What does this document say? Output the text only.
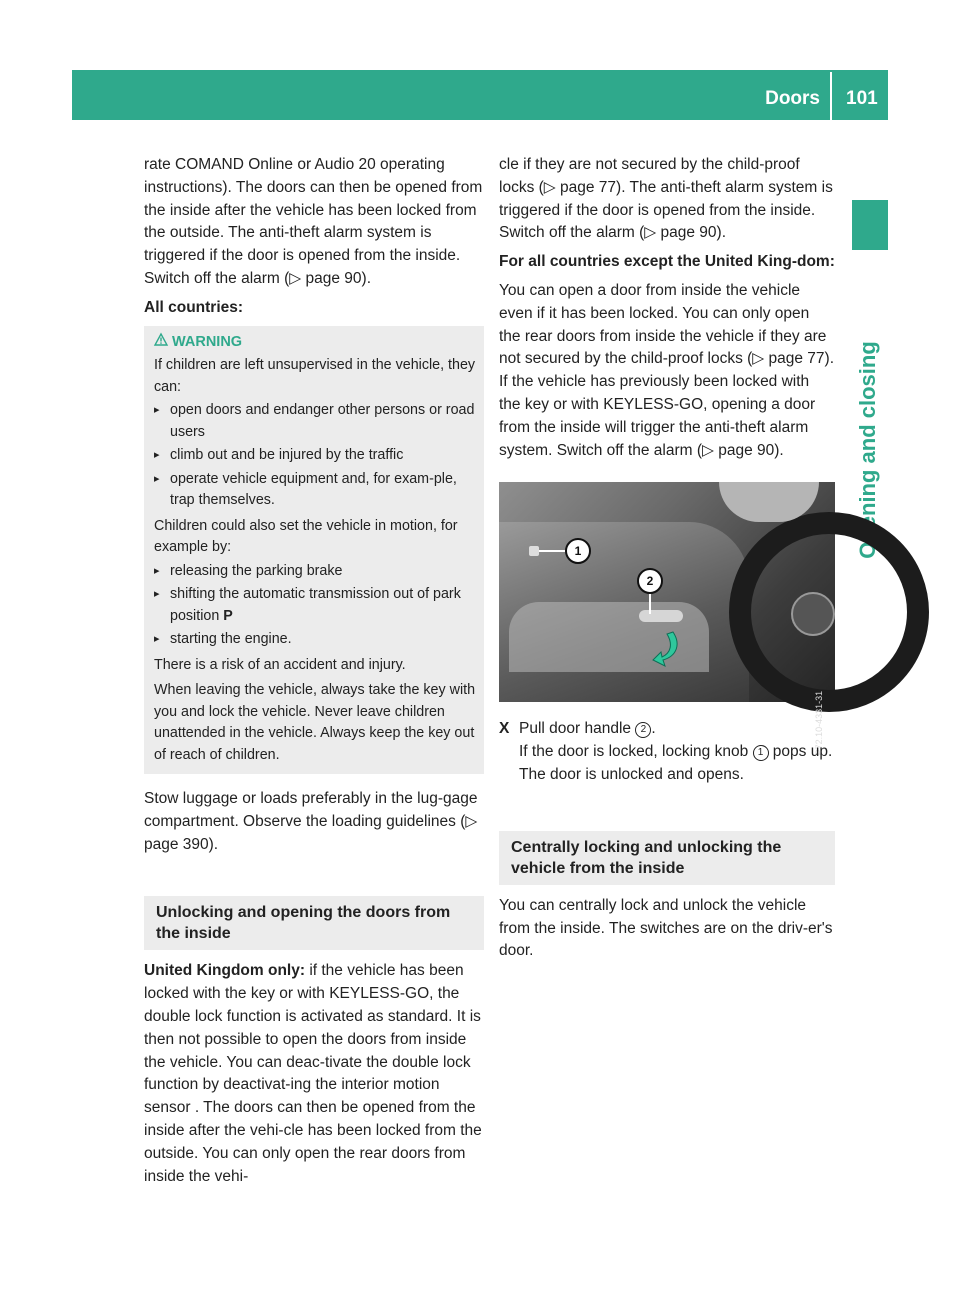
Doors 101
Opening and closing

rate COMAND Online or Audio 20 operating instructions). The doors can then be opened from the inside after the vehicle has been locked from the outside. The anti-theft alarm system is triggered if the door is opened from the inside. Switch off the alarm (▷ page 90).

All countries:

WARNING
If children are left unsupervised in the vehicle, they can:
▸ open doors and endanger other persons or road users
▸ climb out and be injured by the traffic
▸ operate vehicle equipment and, for exam-ple, trap themselves.
Children could also set the vehicle in motion, for example by:
▸ releasing the parking brake
▸ shifting the automatic transmission out of park position P
▸ starting the engine.
There is a risk of an accident and injury.
When leaving the vehicle, always take the key with you and lock the vehicle. Never leave children unattended in the vehicle. Always keep the key out of reach of children.

Stow luggage or loads preferably in the lug-gage compartment. Observe the loading guidelines (▷ page 390).

Unlocking and opening the doors from the inside

United Kingdom only: if the vehicle has been locked with the key or with KEYLESS-GO, the double lock function is activated as standard. It is then not possible to open the doors from inside the vehicle. You can deac-tivate the double lock function by deactivat-ing the interior motion sensor . The doors can then be opened from the inside after the vehi-cle has been locked from the outside. You can only open the rear doors from inside the vehi-

cle if they are not secured by the child-proof locks (▷ page 77). The anti-theft alarm system is triggered if the door is opened from the inside. Switch off the alarm (▷ page 90).

For all countries except the United King-dom:

You can open a door from inside the vehicle even if it has been locked. You can only open the rear doors from inside the vehicle if they are not secured by the child-proof locks (▷ page 77). If the vehicle has previously been locked with the key or with KEYLESS-GO, opening a door from the inside will trigger the anti-theft alarm system. Switch off the alarm (▷ page 90).

1
2
P72.10-4331-31
X Pull door handle 2 .
If the door is locked, locking knob 1 pops up. The door is unlocked and opens.
Centrally locking and unlocking the vehicle from the inside

You can centrally lock and unlock the vehicle from the inside. The switches are on the driv-er's door.
